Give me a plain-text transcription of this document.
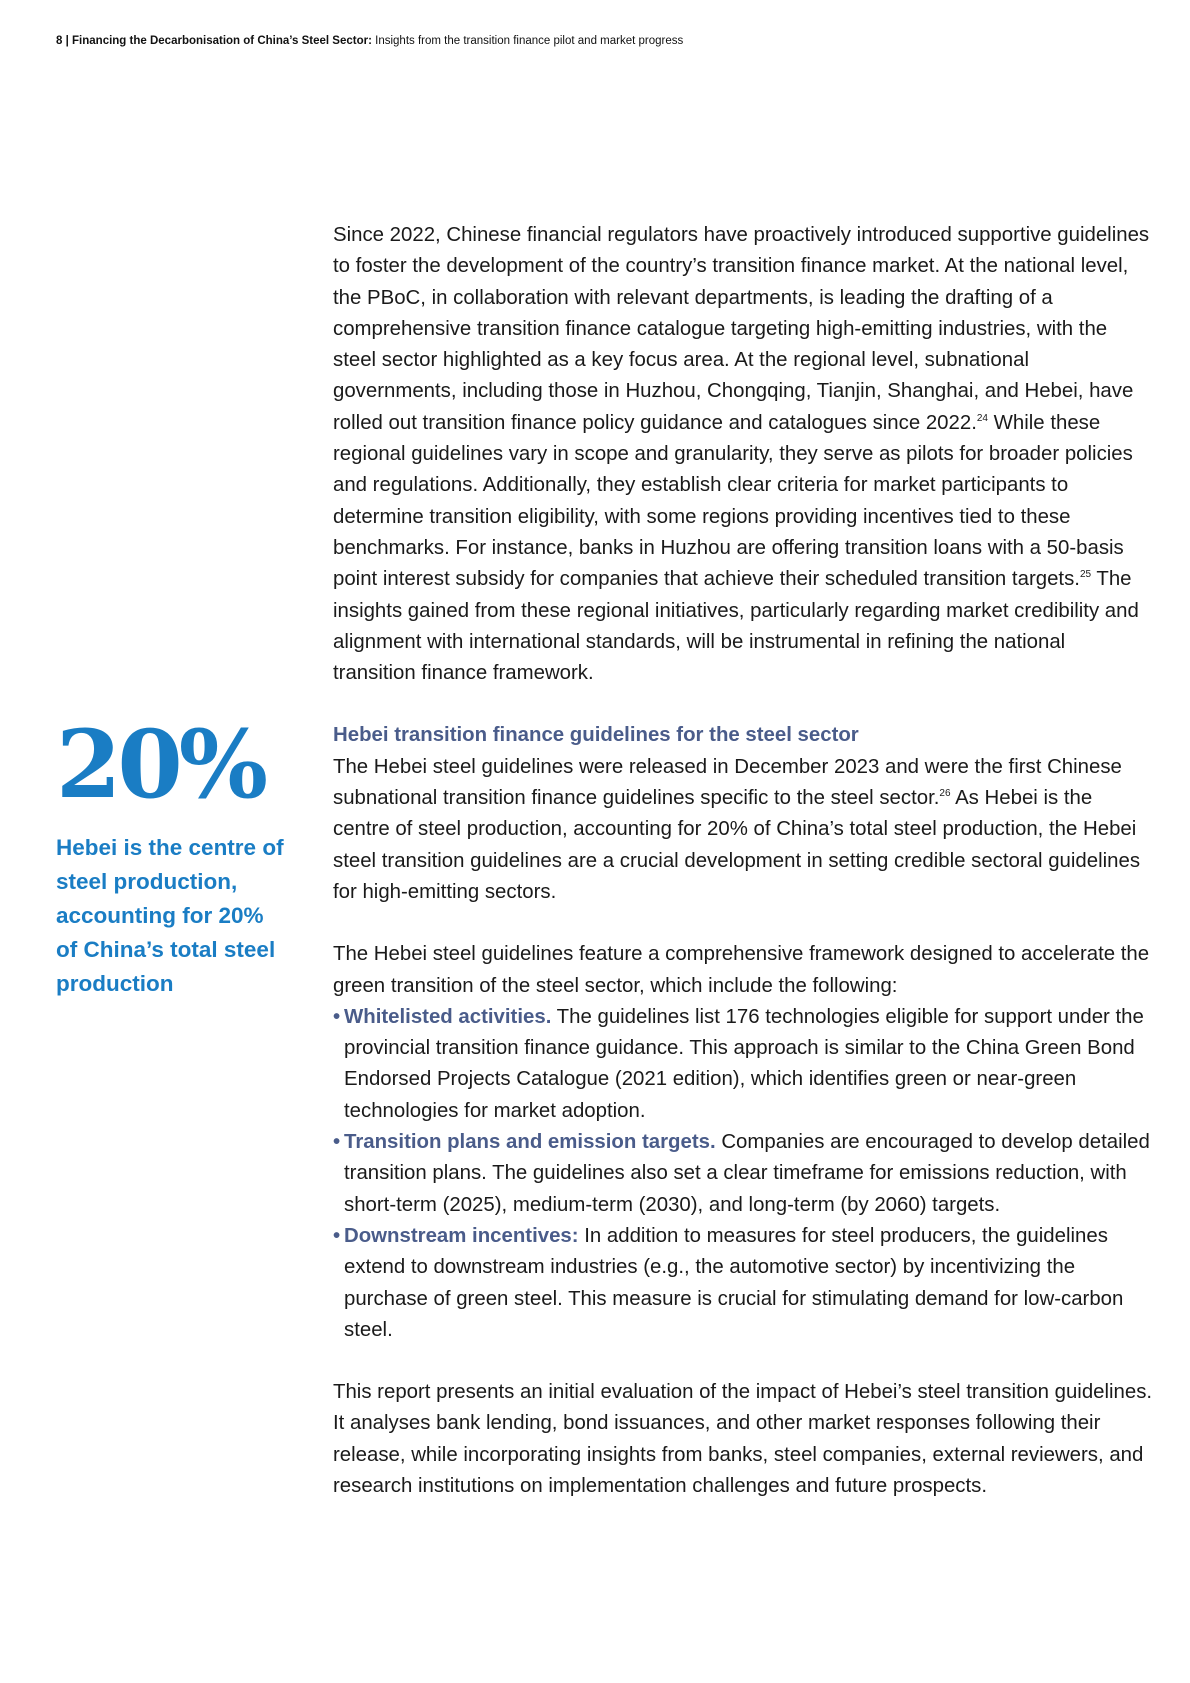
8 | Financing the Decarbonisation of China’s Steel Sector: Insights from the transition finance pilot and market progress
20%
Hebei is the centre of steel production, accounting for 20% of China’s total steel production

Since 2022, Chinese financial regulators have proactively introduced supportive guidelines to foster the development of the country’s transition finance market. At the national level, the PBoC, in collaboration with relevant departments, is leading the drafting of a comprehensive transition finance catalogue targeting high-emitting industries, with the steel sector highlighted as a key focus area. At the regional level, subnational governments, including those in Huzhou, Chongqing, Tianjin, Shanghai, and Hebei, have rolled out transition finance policy guidance and catalogues since 2022.24 While these regional guidelines vary in scope and granularity, they serve as pilots for broader policies and regulations. Additionally, they establish clear criteria for market participants to determine transition eligibility, with some regions providing incentives tied to these benchmarks. For instance, banks in Huzhou are offering transition loans with a 50-basis point interest subsidy for companies that achieve their scheduled transition targets.$^{25}$ The insights gained from these regional initiatives, particularly regarding market credibility and alignment with international standards, will be instrumental in refining the national transition finance framework.

Hebei transition finance guidelines for the steel sector

The Hebei steel guidelines were released in December 2023 and were the first Chinese subnational transition finance guidelines specific to the steel sector.$^{26}$ As Hebei is the centre of steel production, accounting for 20% of China’s total steel production, the Hebei steel transition guidelines are a crucial development in setting credible sectoral guidelines for high-emitting sectors.

The Hebei steel guidelines feature a comprehensive framework designed to accelerate the green transition of the steel sector, which include the following:

• Whitelisted activities. The guidelines list 176 technologies eligible for support under the provincial transition finance guidance. This approach is similar to the China Green Bond Endorsed Projects Catalogue (2021 edition), which identifies green or near-green technologies for market adoption.
• Transition plans and emission targets. Companies are encouraged to develop detailed transition plans. The guidelines also set a clear timeframe for emissions reduction, with short-term (2025), medium-term (2030), and long-term (by 2060) targets.
• Downstream incentives: In addition to measures for steel producers, the guidelines extend to downstream industries (e.g., the automotive sector) by incentivizing the purchase of green steel. This measure is crucial for stimulating demand for low-carbon steel.

This report presents an initial evaluation of the impact of Hebei’s steel transition guidelines. It analyses bank lending, bond issuances, and other market responses following their release, while incorporating insights from banks, steel companies, external reviewers, and research institutions on implementation challenges and future prospects.
